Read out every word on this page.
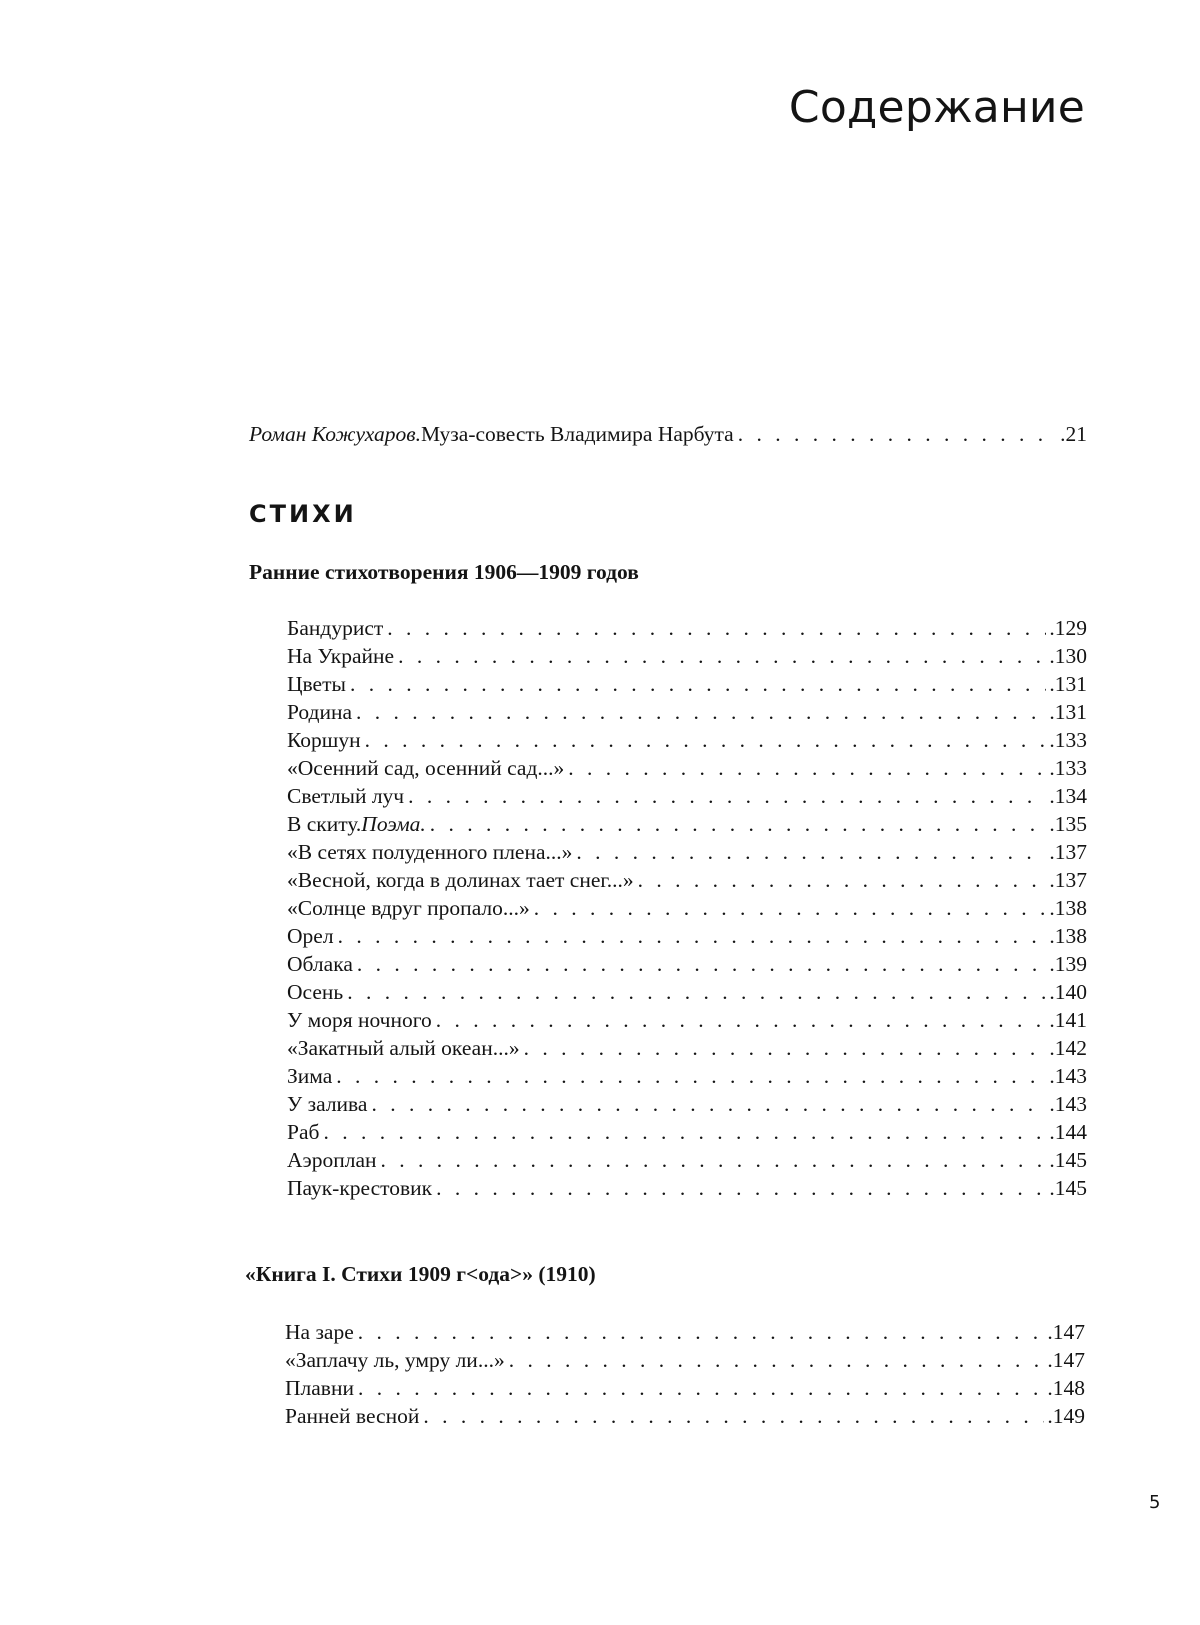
Содержание
Роман Кожухаров. Муза-совесть Владимира Нарбута . . .	.21
СТИХИ
Ранние стихотворения 1906—1909 годов
Бандурист . . .	.129
На Украйне . . .	.130
Цветы . . .	.131
Родина . . .	.131
Коршун . . .	.133
«Осенний сад, осенний сад...» . . .	.133
Светлый луч . . .	.134
В скиту. Поэма. . . .	.135
«В сетях полуденного плена...» . . .	.137
«Весной, когда в долинах тает снег...» . . .	.137
«Солнце вдруг пропало...» . . .	.138
Орел . . .	.138
Облака . . .	.139
Осень . . .	.140
У моря ночного . . .	.141
«Закатный алый океан...» . . .	.142
Зима . . .	.143
У залива . . .	.143
Раб . . .	.144
Аэроплан . . .	.145
Паук-крестовик . . .	.145
«Книга I. Стихи 1909 г<ода>» (1910)
На заре . . .	.147
«Заплачу ль, умру ли...» . . .	.147
Плавни . . .	.148
Ранней весной . . .	.149
5
